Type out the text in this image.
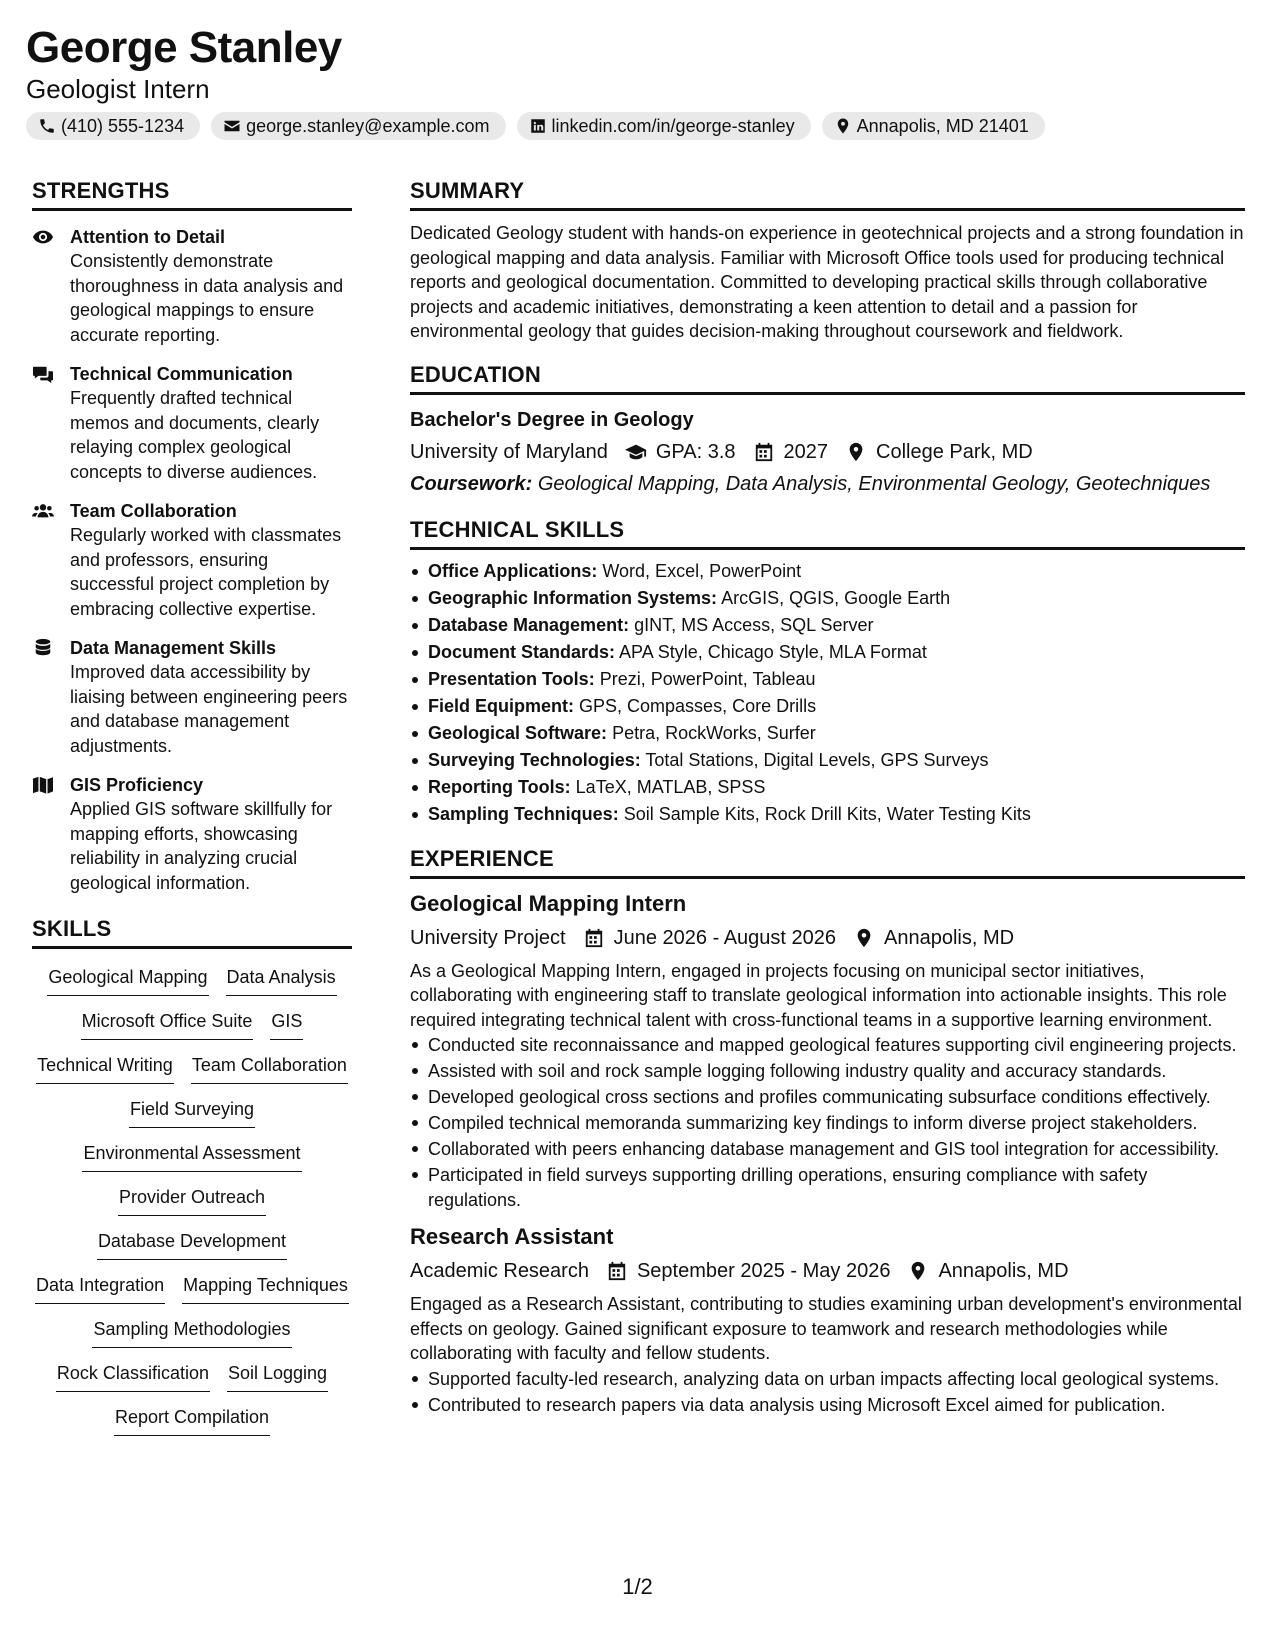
George Stanley
Geologist Intern
(410) 555-1234	george.stanley@example.com	linkedin.com/in/george-stanley	Annapolis, MD 21401
STRENGTHS
Attention to Detail
Consistently demonstrate thoroughness in data analysis and geological mappings to ensure accurate reporting.
Technical Communication
Frequently drafted technical memos and documents, clearly relaying complex geological concepts to diverse audiences.
Team Collaboration
Regularly worked with classmates and professors, ensuring successful project completion by embracing collective expertise.
Data Management Skills
Improved data accessibility by liaising between engineering peers and database management adjustments.
GIS Proficiency
Applied GIS software skillfully for mapping efforts, showcasing reliability in analyzing crucial geological information.
SKILLS
Geological Mapping Data Analysis
Microsoft Office Suite GIS
Technical Writing Team Collaboration
Field Surveying
Environmental Assessment
Provider Outreach
Database Development
Data Integration Mapping Techniques
Sampling Methodologies
Rock Classification Soil Logging
Report Compilation
SUMMARY
Dedicated Geology student with hands-on experience in geotechnical projects and a strong foundation in geological mapping and data analysis. Familiar with Microsoft Office tools used for producing technical reports and geological documentation. Committed to developing practical skills through collaborative projects and academic initiatives, demonstrating a keen attention to detail and a passion for environmental geology that guides decision-making throughout coursework and fieldwork.
EDUCATION
Bachelor's Degree in Geology
University of Maryland GPA: 3.8 2027 College Park, MD
Coursework: Geological Mapping, Data Analysis, Environmental Geology, Geotechniques
TECHNICAL SKILLS
Office Applications: Word, Excel, PowerPoint
Geographic Information Systems: ArcGIS, QGIS, Google Earth
Database Management: gINT, MS Access, SQL Server
Document Standards: APA Style, Chicago Style, MLA Format
Presentation Tools: Prezi, PowerPoint, Tableau
Field Equipment: GPS, Compasses, Core Drills
Geological Software: Petra, RockWorks, Surfer
Surveying Technologies: Total Stations, Digital Levels, GPS Surveys
Reporting Tools: LaTeX, MATLAB, SPSS
Sampling Techniques: Soil Sample Kits, Rock Drill Kits, Water Testing Kits
EXPERIENCE
Geological Mapping Intern
University Project June 2026 - August 2026 Annapolis, MD
As a Geological Mapping Intern, engaged in projects focusing on municipal sector initiatives, collaborating with engineering staff to translate geological information into actionable insights. This role required integrating technical talent with cross-functional teams in a supportive learning environment.
Conducted site reconnaissance and mapped geological features supporting civil engineering projects.
Assisted with soil and rock sample logging following industry quality and accuracy standards.
Developed geological cross sections and profiles communicating subsurface conditions effectively.
Compiled technical memoranda summarizing key findings to inform diverse project stakeholders.
Collaborated with peers enhancing database management and GIS tool integration for accessibility.
Participated in field surveys supporting drilling operations, ensuring compliance with safety regulations.
Research Assistant
Academic Research September 2025 - May 2026 Annapolis, MD
Engaged as a Research Assistant, contributing to studies examining urban development's environmental effects on geology. Gained significant exposure to teamwork and research methodologies while collaborating with faculty and fellow students.
Supported faculty-led research, analyzing data on urban impacts affecting local geological systems.
Contributed to research papers via data analysis using Microsoft Excel aimed for publication.
1/2
